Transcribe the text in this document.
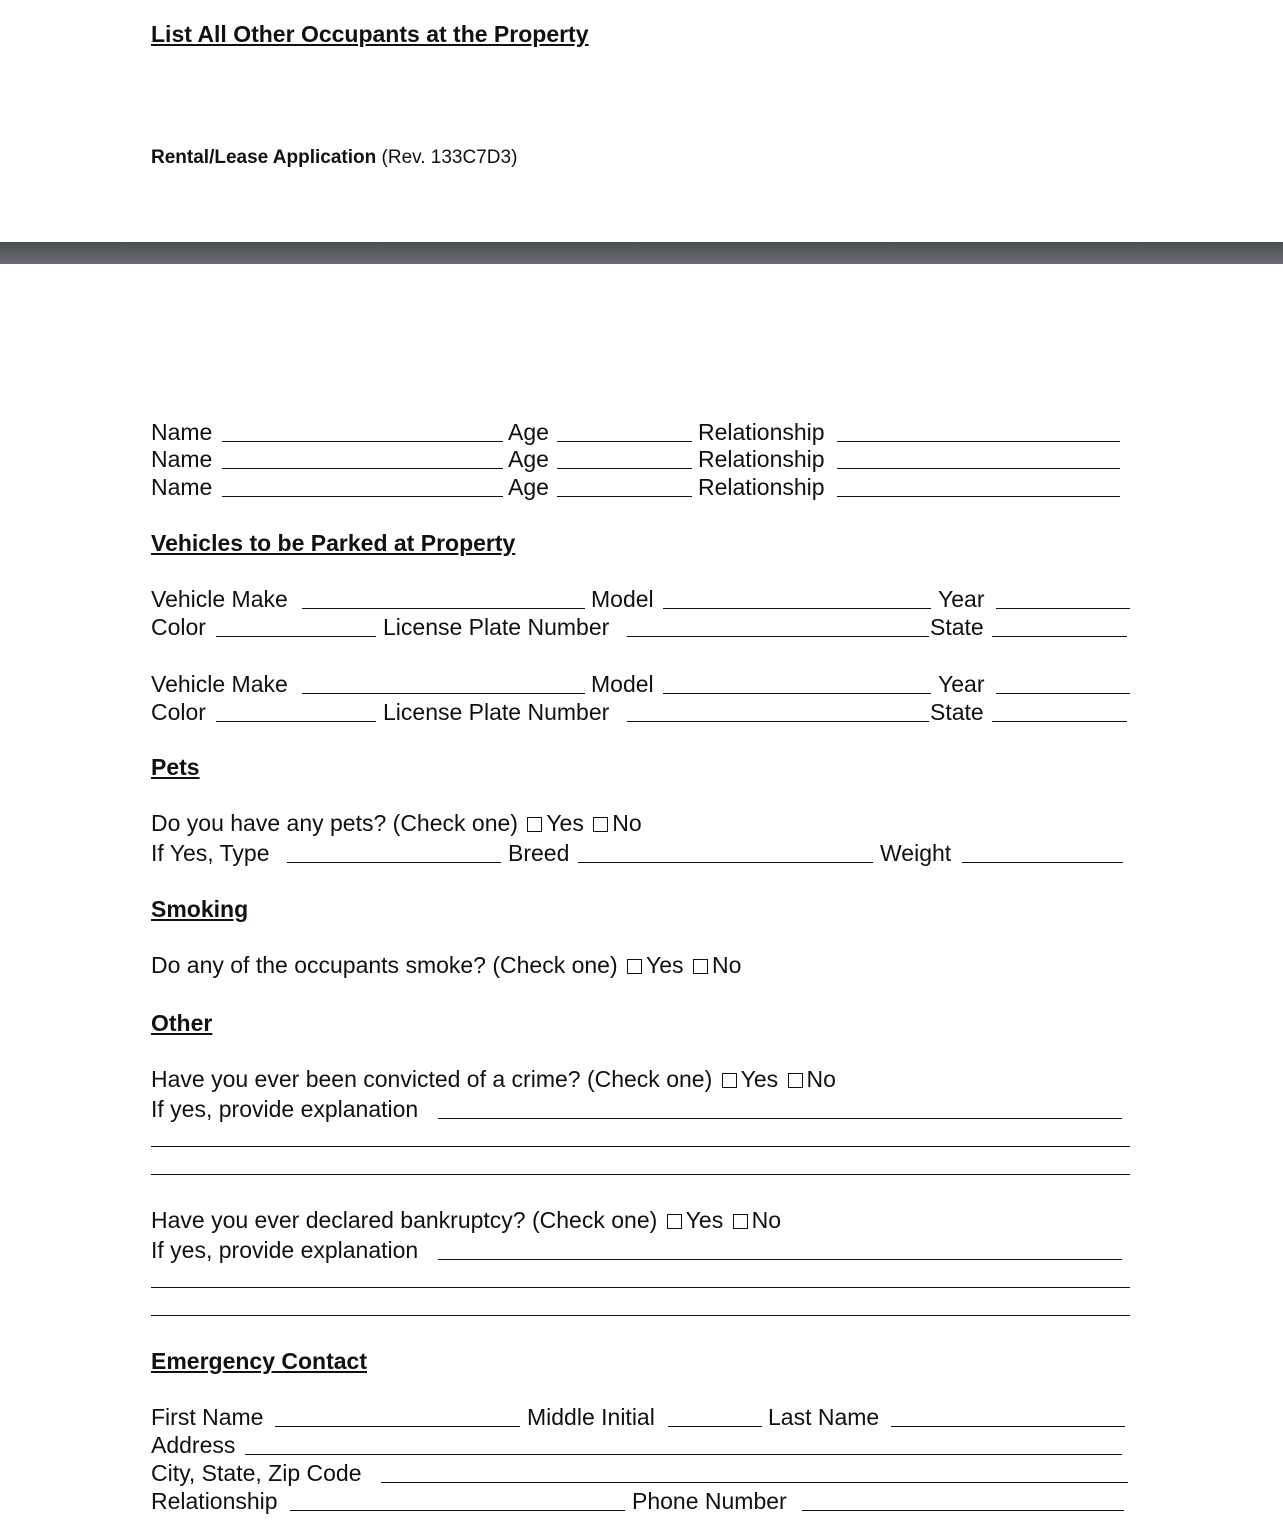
List All Other Occupants at the Property
Rental/Lease Application (Rev. 133C7D3)
Name	Age	Relationship
Name	Age	Relationship
Name	Age	Relationship
Vehicles to be Parked at Property
Vehicle Make	Model	Year
Color	License Plate Number	State
Vehicle Make	Model	Year
Color	License Plate Number	State
Pets
Do you have any pets? (Check one) Yes No
If Yes, Type	Breed	Weight
Smoking
Do any of the occupants smoke? (Check one) Yes No
Other
Have you ever been convicted of a crime? (Check one) Yes No
If yes, provide explanation
Have you ever declared bankruptcy? (Check one) Yes No
If yes, provide explanation
Emergency Contact
First Name	Middle Initial	Last Name
Address
City, State, Zip Code
Relationship	Phone Number
